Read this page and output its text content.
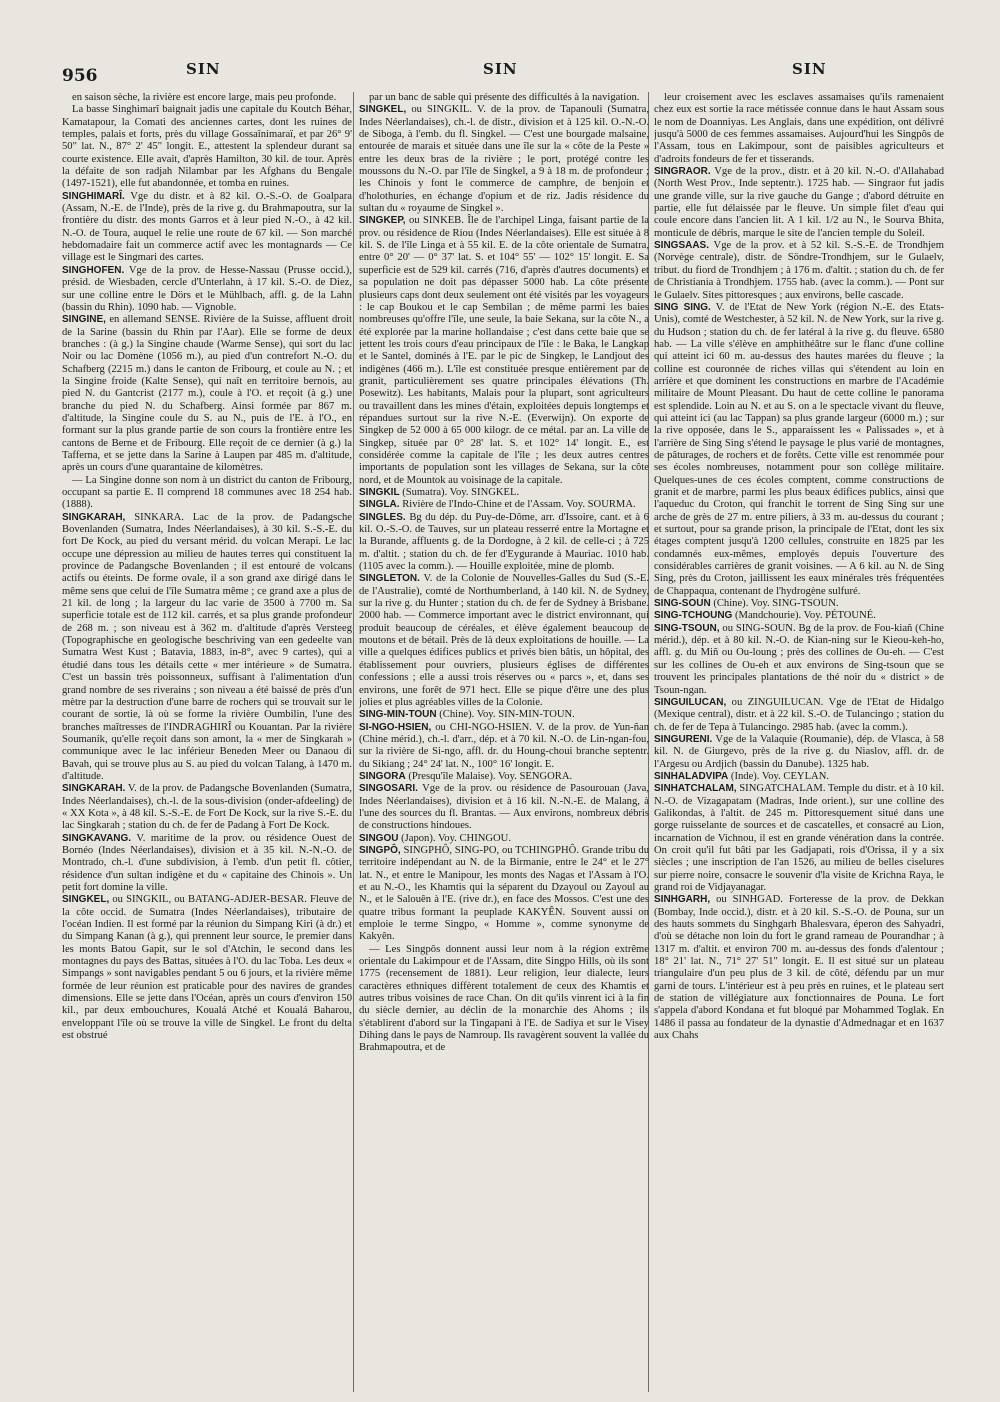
956	SIN	SIN	SIN

en saison sèche, la rivière est encore large, mais peu profonde.

La basse Singhimarî baignait jadis une capitale du Koutch Béhar, Kamatapour, la Comati des anciennes cartes, dont les ruines de temples, palais et forts, près du village Gossaînimaraï, et par 26° 9' 50" lat. N., 87° 2' 45" longit. E., attestent la splendeur durant sa courte existence. Elle avait, d'après Hamilton, 30 kil. de tour. Après la défaite de son radjah Nilambar par les Afghans du Bengale (1497-1521), elle fut abandonnée, et tomba en ruines.

SINGHIMARÎ. Vge du distr. et à 82 kil. O.-S.-O. de Goalpara (Assam, N.-E. de l'Inde), près de la rive g. du Brahmapoutra, sur la frontière du distr. des monts Garros et à leur pied N.-O., à 42 kil. N.-O. de Toura, auquel le relie une route de 67 kil. — Son marché hebdomadaire fait un commerce actif avec les montagnards — Ce village est le Singmari des cartes.

SINGHOFEN. Vge de la prov. de Hesse-Nassau (Prusse occid.), présid. de Wiesbaden, cercle d'Unterlahn, à 17 kil. S.-O. de Diez, sur une colline entre le Dörs et le Mühlbach, affl. g. de la Lahn (bassin du Rhin). 1090 hab. — Vignoble.

SINGINE, en allemand SENSE. Rivière de la Suisse, affluent droit de la Sarine (bassin du Rhin par l'Aar). Elle se forme de deux branches : (à g.) la Singine chaude (Warme Sense), qui sort du lac Noir ou lac Domène (1056 m.), au pied d'un contrefort N.-O. du Schafberg (2215 m.) dans le canton de Fribourg, et coule au N. ; et la Singine froide (Kalte Sense), qui naît en territoire bernois, au pied N. du Gantcrist (2177 m.), coule à l'O. et reçoit (à g.) une branche du pied N. du Schafberg. Ainsi formée par 867 m. d'altitude, la Singine coule du S. au N., puis de l'E. à l'O., en formant sur la plus grande partie de son cours la frontière entre les cantons de Berne et de Fribourg. Elle reçoit de ce dernier (à g.) la Tafferna, et se jette dans la Sarine à Laupen par 485 m. d'altitude, après un cours d'une quarantaine de kilomètres.

— La Singine donne son nom à un district du canton de Fribourg, occupant sa partie E. Il comprend 18 communes avec 18 254 hab. (1888).

SINGKARAH, SINKARA. Lac de la prov. de Padangsche Bovenlanden (Sumatra, Indes Néerlandaises), à 30 kil. S.-S.-E. du fort De Kock, au pied du versant mérid. du volcan Merapi. Le lac occupe une dépression au milieu de hautes terres qui constituent la province de Padangsche Bovenlanden ; il est entouré de volcans actifs ou éteints. De forme ovale, il a son grand axe dirigé dans le même sens que celui de l'île Sumatra même ; ce grand axe a plus de 21 kil. de long ; la largeur du lac varie de 3500 à 7700 m. Sa superficie totale est de 112 kil. carrés, et sa plus grande profondeur de 268 m. ; son niveau est à 362 m. d'altitude d'après Versteeg (Topographische en geologische beschriving van een gedeelte van Sumatra West Kust ; Batavia, 1883, in-8°, avec 9 cartes), qui a étudié dans tous les détails cette « mer intérieure » de Sumatra. C'est un bassin très poissonneux, suffisant à l'alimentation d'un grand nombre de ses riverains ; son niveau a été baissé de près d'un mètre par la destruction d'une barre de rochers qui se trouvait sur le courant de sortie, là où se forme la rivière Oumbilin, l'une des branches maîtresses de l'INDRAGHIRÎ ou Kouantan. Par la rivière Soumanik, qu'elle reçoit dans son amont, la « mer de Singkarah » communique avec le lac inférieur Beneden Meer ou Danaou di Bavah, qui se trouve plus au S. au pied du volcan Talang, à 1470 m. d'altitude.

SINGKARAH. V. de la prov. de Padangsche Bovenlanden (Sumatra, Indes Néerlandaises), ch.-l. de la sous-division (onder-afdeeling) de « XX Kota », à 48 kil. S.-S.-E. de Fort De Kock, sur la rive S.-E. du lac Singkarah ; station du ch. de fer de Padang à Fort De Kock.

SINGKAVANG. V. maritime de la prov. ou résidence Ouest de Bornéo (Indes Néerlandaises), division et à 35 kil. N.-N.-O. de Montrado, ch.-l. d'une subdivision, à l'emb. d'un petit fl. côtier, résidence d'un sultan indigène et du « capitaine des Chinois ». Un petit fort domine la ville.

SINGKEL, ou SINGKIL, ou BATANG-ADJER-BESAR. Fleuve de la côte occid. de Sumatra (Indes Néerlandaises), tributaire de l'océan Indien. Il est formé par la réunion du Simpang Kiri (à dr.) et du Simpang Kanan (à g.), qui prennent leur source, le premier dans les monts Batou Gapit, sur le sol d'Atchin, le second dans les montagnes du pays des Battas, situées à l'O. du lac Toba. Les deux « Simpangs » sont navigables pendant 5 ou 6 jours, et la rivière même formée de leur réunion est praticable pour des navires de grandes dimensions. Elle se jette dans l'Océan, après un cours d'environ 150 kil., par deux embouchures, Koualá Atché et Koualá Baharou, enveloppant l'île où se trouve la ville de Singkel. Le front du delta est obstrué

par un banc de sable qui présente des difficultés à la navigation.

SINGKEL, ou SINGKIL. V. de la prov. de Tapanouli (Sumatra, Indes Néerlandaises), ch.-l. de distr., division et à 125 kil. O.-N.-O. de Siboga, à l'emb. du fl. Singkel. — C'est une bourgade malsaine, entourée de marais et située dans une île sur la « côte de la Peste » entre les deux bras de la rivière ; le port, protégé contre les moussons du N.-O. par l'île de Singkel, a 9 à 18 m. de profondeur ; les Chinois y font le commerce de camphre, de benjoin et d'holothuries, en échange d'opium et de riz. Jadis résidence du sultan du « royaume de Singkel ».

SINGKEP, ou SINKEB. Île de l'archipel Linga, faisant partie de la prov. ou résidence de Riou (Indes Néerlandaises). Elle est située à 8 kil. S. de l'île Linga et à 55 kil. E. de la côte orientale de Sumatra, entre 0° 20' — 0° 37' lat. S. et 104° 55' — 102° 15' longit. E. Sa superficie est de 529 kil. carrés (716, d'après d'autres documents) et sa population ne doit pas dépasser 5000 hab. La côte présente plusieurs caps dont deux seulement ont été visités par les voyageurs : le cap Boukou et le cap Sembilan ; de même parmi les baies nombreuses qu'offre l'île, une seule, la baie Sekana, sur la côte N., a été explorée par la marine hollandaise ; c'est dans cette baie que se jettent les trois cours d'eau principaux de l'île : le Baka, le Langkap et le Santel, dominés à l'E. par le pic de Singkep, le Landjout des indigènes (466 m.). L'île est constituée presque entièrement par de granit, particulièrement ses quatre principales élévations (Th. Posewitz). Les habitants, Malais pour la plupart, sont agriculteurs ou travaillent dans les mines d'étain, exploitées depuis longtemps et répandues surtout sur la rive N.-E. (Everwijn). On exporte de Singkep de 52 000 à 65 000 kilogr. de ce métal. par an. La ville de Singkep, située par 0° 28' lat. S. et 102° 14' longit. E., est considérée comme la capitale de l'île ; les deux autres centres importants de population sont les villages de Sekana, sur la côte nord, et de Mountok au voisinage de la capitale.

SINGKIL (Sumatra). Voy. SINGKEL.

SINGLA. Rivière de l'Indo-Chine et de l'Assam. Voy. SOURMA.

SINGLES. Bg du dép. du Puy-de-Dôme, arr. d'Issoire, cant. et à 6 kil. O.-S.-O. de Tauves, sur un plateau resserré entre la Mortagne et la Burande, affluents g. de la Dordogne, à 2 kil. de celle-ci ; à 725 m. d'altit. ; station du ch. de fer d'Eygurande à Mauriac. 1010 hab. (1105 avec la comm.). — Houille exploitée, mine de plomb.

SINGLETON. V. de la Colonie de Nouvelles-Galles du Sud (S.-E. de l'Australie), comté de Northumberland, à 140 kil. N. de Sydney, sur la rive g. du Hunter ; station du ch. de fer de Sydney à Brisbane. 2000 hab. — Commerce important avec le district environnant, qui produit beaucoup de céréales, et élève également beaucoup de moutons et de bétail. Près de là deux exploitations de houille. — La ville a quelques édifices publics et privés bien bâtis, un hôpital, des établissement pour ouvriers, plusieurs églises de différentes confessions ; elle a aussi trois réserves ou « parcs », et, dans ses environs, une forêt de 971 hect. Elle se pique d'être une des plus jolies et plus agréables villes de la Colonie.

SING-MIN-TOUN (Chine). Voy. SIN-MIN-TOUN.

SI-NGO-HSIEN, ou CHI-NGO-HSIEN. V. de la prov. de Yun-ñan (Chine mérid.), ch.-l. d'arr., dép. et à 70 kil. N.-O. de Lin-ngan-fou, sur la rivière de Si-ngo, affl. dr. du Houng-choui branche septentr. du Sikiang ; 24° 24' lat. N., 100° 16' longit. E.

SINGORA (Presqu'île Malaise). Voy. SENGORA.

SINGOSARI. Vge de la prov. ou résidence de Pasourouan (Java, Indes Néerlandaises), division et à 16 kil. N.-N.-E. de Malang, à l'une des sources du fl. Brantas. — Aux environs, nombreux débris de constructions hindoues.

SINGOU (Japon). Voy. CHINGOU.

SINGPÔ, SINGPHÔ, SING-PO, ou TCHINGPHÔ. Grande tribu du territoire indépendant au N. de la Birmanie, entre le 24° et le 27° lat. N., et entre le Manipour, les monts des Nagas et l'Assam à l'O. et au N.-O., les Khamtis qui la séparent du Dzayoul ou Zayoul au N., et le Salouên à l'E. (rive dr.), en face des Mossos. C'est une des quatre tribus formant la peuplade KAKYÊN. Souvent aussi on emploie le terme Singpo, « Homme », comme synonyme de Kakyên.

— Les Singpôs donnent aussi leur nom à la région extrême orientale du Lakimpour et de l'Assam, dite Singpo Hills, où ils sont 1775 (recensement de 1881). Leur religion, leur dialecte, leurs caractères ethniques diffèrent totalement de ceux des Khamtis et autres tribus voisines de race Chan. On dit qu'ils vinrent ici à la fin du siècle dernier, au déclin de la monarchie des Ahoms ; ils s'établirent d'abord sur la Tingapani à l'E. de Sadiya et sur le Visey Dihing dans le pays de Namroup. Ils ravagèrent souvent la vallée du Brahmapoutra, et de

leur croisement avec les esclaves assamaises qu'ils ramenaient chez eux est sortie la race métissée connue dans le haut Assam sous le nom de Doanniyas. Les Anglais, dans une expédition, ont délivré jusqu'à 5000 de ces femmes assamaises. Aujourd'hui les Singpôs de l'Assam, tous en Lakimpour, sont de paisibles agriculteurs et d'adroits fondeurs de fer et tisserands.

SINGRAOR. Vge de la prov., distr. et à 20 kil. N.-O. d'Allahabad (North West Prov., Inde septentr.). 1725 hab. — Singraor fut jadis une grande ville, sur la rive gauche du Gange ; d'abord détruite en partie, elle fut délaissée par le fleuve. Un simple filet d'eau qui coule encore dans l'ancien lit. A 1 kil. 1/2 au N., le Sourva Bhita, monticule de débris, marque le site de l'ancien temple du Soleil.

SINGSAAS. Vge de la prov. et à 52 kil. S.-S.-E. de Trondhjem (Norvège centrale), distr. de Söndre-Trondhjem, sur le Gulaelv, tribut. du fiord de Trondhjem ; à 176 m. d'altit. ; station du ch. de fer de Christiania à Trondhjem. 1755 hab. (avec la comm.). — Pont sur le Gulaelv. Sites pittoresques ; aux environs, belle cascade.

SING SING. V. de l'Etat de New York (région N.-E. des Etats-Unis), comté de Westchester, à 52 kil. N. de New York, sur la rive g. du Hudson ; station du ch. de fer latéral à la rive g. du fleuve. 6580 hab. — La ville s'élève en amphithéâtre sur le flanc d'une colline qui atteint ici 60 m. au-dessus des hautes marées du fleuve ; la colline est couronnée de riches villas qui s'étendent au loin en arrière et que dominent les constructions en marbre de l'Académie militaire de Mount Pleasant. Du haut de cette colline le panorama est splendide. Loin au N. et au S. on a le spectacle vivant du fleuve, qui atteint ici (au lac Tappan) sa plus grande largeur (6000 m.) ; sur la rive opposée, dans le S., apparaissent les « Palissades », et à l'arrière de Sing Sing s'étend le paysage le plus varié de montagnes, de pâturages, de rochers et de forêts. Cette ville est renommée pour ses écoles nombreuses, notamment pour son collège militaire. Quelques-unes de ces écoles comptent, comme constructions de granit et de marbre, parmi les plus beaux édifices publics, ainsi que l'aqueduc du Croton, qui franchit le torrent de Sing Sing sur une arche de grès de 27 m. entre piliers, à 33 m. au-dessus du courant ; et surtout, pour sa grande prison, la principale de l'Etat, dont les six étages comptent jusqu'à 1200 cellules, construite en 1825 par les condamnés eux-mêmes, employés depuis l'ouverture des considérables carrières de granit voisines. — A 6 kil. au N. de Sing Sing, près du Croton, jaillissent les eaux minérales très fréquentées de Chappaqua, contenant de l'hydrogène sulfuré.

SING-SOUN (Chine). Voy. SING-TSOUN.

SING-TCHOUNG (Mandchourie). Voy. PÉTOUNÉ.

SING-TSOUN, ou SING-SOUN. Bg de la prov. de Fou-kiañ (Chine mérid.), dép. et à 80 kil. N.-O. de Kian-ning sur le Kieou-keh-ho, affl. g. du Miñ ou Ou-loung ; près des collines de Ou-eh. — C'est sur les collines de Ou-eh et aux environs de Sing-tsoun que se trouvent les principales plantations de thé noir du « district » de Tsoun-ngan.

SINGUILUCAN, ou ZINGUILUCAN. Vge de l'Etat de Hidalgo (Mexique central), distr. et à 22 kil. S.-O. de Tulancingo ; station du ch. de fer de Tepa à Tulancingo. 2985 hab. (avec la comm.).

SINGURENI. Vge de la Valaquie (Roumanie), dép. de Vlasca, à 58 kil. N. de Giurgevo, près de la rive g. du Niaslov, affl. dr. de l'Argesu ou Ardjich (bassin du Danube). 1325 hab.

SINHALADVIPA (Inde). Voy. CEYLAN.

SINHATCHALAM, SINGATCHALAM. Temple du distr. et à 10 kil. N.-O. de Vizagapatam (Madras, Inde orient.), sur une colline des Galikondas, à l'altit. de 245 m. Pittoresquement situé dans une gorge ruisselante de sources et de cascatelles, et consacré au Lion, incarnation de Vichnou, il est en grande vénération dans la contrée. On croit qu'il fut bâti par les Gadjapati, rois d'Orissa, il y a six siècles ; une inscription de l'an 1526, au milieu de belles ciselures sur pierre noire, consacre le souvenir d'la visite de Krichna Raya, le grand roi de Vidjayanagar.

SINHGARH, ou SINHGAD. Forteresse de la prov. de Dekkan (Bombay, Inde occid.), distr. et à 20 kil. S.-S.-O. de Pouna, sur un des hauts sommets du Singhgarh Bhalesvara, éperon des Sahyadri, d'où se détache non loin du fort le grand rameau de Pourandhar ; à 1317 m. d'altit. et environ 700 m. au-dessus des fonds d'alentour ; 18° 21' lat. N., 71° 27' 51" longit. E. Il est situé sur un plateau triangulaire d'un peu plus de 3 kil. de côté, défendu par un mur garni de tours. L'intérieur est à peu près en ruines, et le plateau sert de station de villégiature aux fonctionnaires de Pouna. Le fort s'appela d'abord Kondana et fut bloqué par Mohammed Toglak. En 1486 il passa au fondateur de la dynastie d'Admednagar et en 1637 aux Chahs
